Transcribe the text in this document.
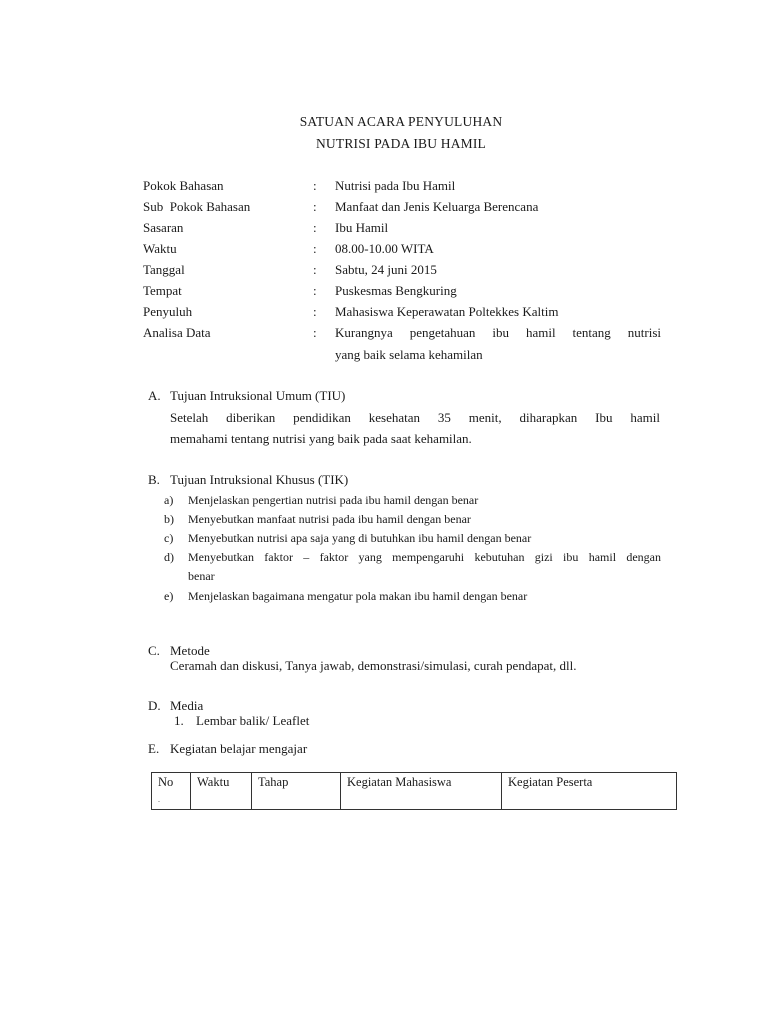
SATUAN ACARA PENYULUHAN
NUTRISI PADA IBU HAMIL
Pokok Bahasan	: Nutrisi pada Ibu Hamil
Sub  Pokok Bahasan	: Manfaat dan Jenis Keluarga Berencana
Sasaran	: Ibu Hamil
Waktu	: 08.00-10.00 WITA
Tanggal	: Sabtu, 24 juni 2015
Tempat	: Puskesmas Bengkuring
Penyuluh	: Mahasiswa Keperawatan Poltekkes Kaltim
Analisa Data	: Kurangnya pengetahuan ibu hamil tentang nutrisi
yang baik selama kehamilan
A. Tujuan Intruksional Umum (TIU)
Setelah diberikan pendidikan kesehatan 35 menit, diharapkan Ibu hamil
memahami tentang nutrisi yang baik pada saat kehamilan.
B. Tujuan Intruksional Khusus (TIK)
a) Menjelaskan pengertian nutrisi pada ibu hamil dengan benar
b) Menyebutkan manfaat nutrisi pada ibu hamil dengan benar
c) Menyebutkan nutrisi apa saja yang di butuhkan ibu hamil dengan benar
d) Menyebutkan faktor – faktor yang mempengaruhi kebutuhan gizi ibu hamil dengan
benar
e) Menjelaskan bagaimana mengatur pola makan ibu hamil dengan benar
C. Metode
Ceramah dan diskusi, Tanya jawab, demonstrasi/simulasi, curah pendapat, dll.
D. Media
1. Lembar balik/ Leaflet
E. Kegiatan belajar mengajar
No
.
	Waktu	Tahap	Kegiatan Mahasiswa	Kegiatan Peserta
